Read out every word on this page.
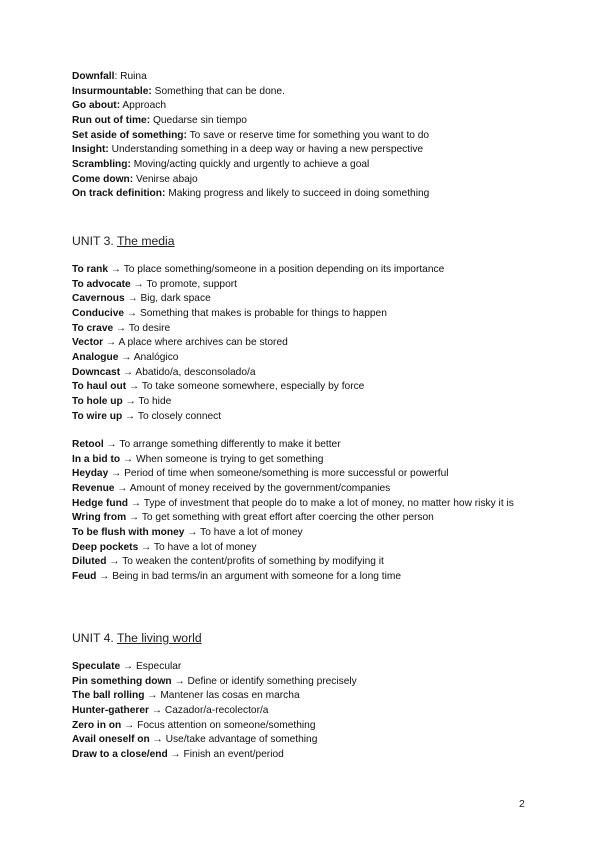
Downfall: Ruina
Insurmountable: Something that can be done.
Go about: Approach
Run out of time: Quedarse sin tiempo
Set aside of something: To save or reserve time for something you want to do
Insight: Understanding something in a deep way or having a new perspective
Scrambling: Moving/acting quickly and urgently to achieve a goal
Come down: Venirse abajo
On track definition: Making progress and likely to succeed in doing something
UNIT 3. The media
To rank → To place something/someone in a position depending on its importance
To advocate → To promote, support
Cavernous → Big, dark space
Conducive → Something that makes is probable for things to happen
To crave → To desire
Vector → A place where archives can be stored
Analogue → Analógico
Downcast → Abatido/a, desconsolado/a
To haul out → To take someone somewhere, especially by force
To hole up → To hide
To wire up → To closely connect
Retool → To arrange something differently to make it better
In a bid to → When someone is trying to get something
Heyday → Period of time when someone/something is more successful or powerful
Revenue → Amount of money received by the government/companies
Hedge fund → Type of investment that people do to make a lot of money, no matter how risky it is
Wring from → To get something with great effort after coercing the other person
To be flush with money → To have a lot of money
Deep pockets → To have a lot of money
Diluted → To weaken the content/profits of something by modifying it
Feud → Being in bad terms/in an argument with someone for a long time
UNIT 4. The living world
Speculate → Especular
Pin something down → Define or identify something precisely
The ball rolling → Mantener las cosas en marcha
Hunter-gatherer → Cazador/a-recolector/a
Zero in on → Focus attention on someone/something
Avail oneself on → Use/take advantage of something
Draw to a close/end → Finish an event/period
2
